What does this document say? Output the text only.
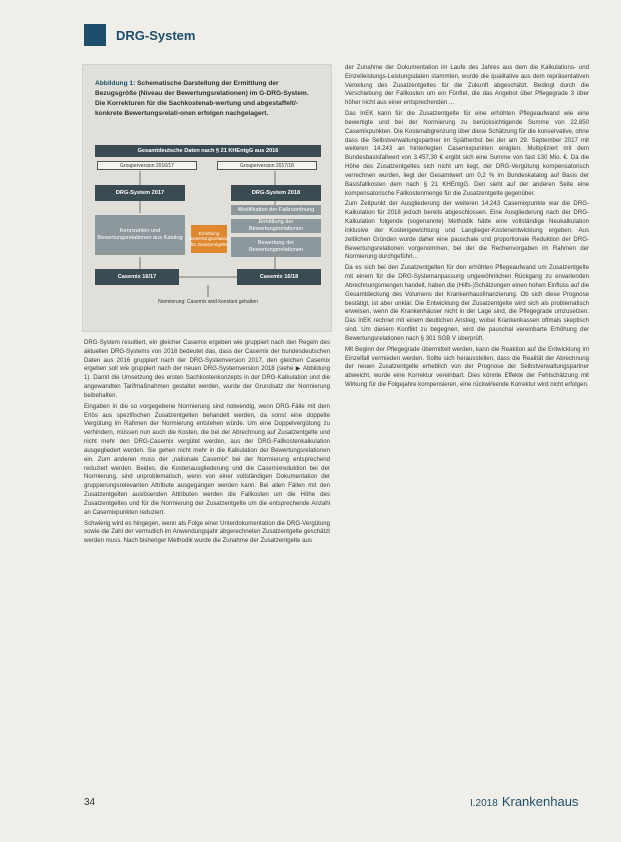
DRG-System
Abbildung 1: Schematische Darstellung der Ermittlung der Bezugsgröße (Niveau der Bewertungsrelationen) im G-DRG-System. Die Korrekturen für die Sachkostenab-wertung und abgestaffelt/-konkrete Bewertungsrelati-onen erfolgen nachgelagert.
Gesamtdeutsche Daten nach § 21 KHEntgG aus 2016
Grouperversion 2016/17	Grouperversion 2017/18
DRG-System 2017	DRG-System 2018
Modifikation der Fallzuordnung
Kennzahlen und Bewertungsrelationen aus Katalog
Ermittlung Bewertungsrelation für Zusatzentgelte
Ermittlung der Bewertungsrelationen
Bewertung der Bewertungsrelationen
Casemix 16/17	Casemix 16/18
Normierung: Casemix wird konstant gehalten

DRG-System resultiert, ein gleicher Casemix ergeben wie gruppiert nach den Regeln des aktuellen DRG-Systems von 2018 bedeutet das, dass der Casemix der bundesdeutschen Daten aus 2016 gruppiert nach der DRG-Systemversion 2017, den gleichen Casemix ergeben soll wie gruppiert nach der neuen DRG-Systemversion 2018 (siehe ▶ Abbildung 1). Damit die Umsetzung des ersten Sachkostenkonzepts in der DRG-Kalkulation und die angewandten Tarifmaßnahmen gestaltet werden, wurde der Grundsatz der Normierung beibehalten.

Eingaben in die so vorgegebene Normierung sind notwendig, wenn DRG-Fälle mit dem Erlös aus spezifischen Zusatzentgelten behandelt werden, da sonst eine doppelte Vergütung im Rahmen der Normierung entstehen würde. Um eine Doppelvergütung zu verhindern, müssen nun auch die Kosten, die bei der Abrechnung auf Zusatzentgelte und nicht mehr den DRG-Casemix vergütet werden, aus der DRG-Fallkostenkalkulation ausgegliedert werden. Sie gehen nicht mehr in die Kalkulation der Bewertungsrelationen ein. Zum anderen muss der „nationale Casemix“ bei der Normierung entsprechend reduziert werden. Beides, die Kostenausgliederung und die Casemixreduktion bei der Normierung, sind unproblematisch, wenn von einer vollständigen Dokumentation der gruppierungsrelevanten Attribute ausgegangen werden kann. Bei allen Fällen mit den Zusatzentgelten auslösenden Attributen werden die Fallkosten um die Höhe des Zusatzentgeltes und für die Normierung der Zusatzentgelte um die entsprechende Anzahl an Casemixpunkten reduziert.

Schwierig wird es hingegen, wenn als Folge einer Unterdokumentation die DRG-Vergütung sowie die Zahl der vermutlich im Anwendungsjahr abgerechneten Zusatzentgelte geschätzt werden muss. Nach bisheriger Methodik wurde die Zunahme der Zusatzentgelte aus

der Zunahme der Dokumentation im Laufe des Jahres aus dem die Kalkulations- und Einzelleistungs-Leistungsdaten stammten, wurde die qualitative aus dem repräsentativen Verteilung des Zusatzentgeltes für die Zukunft abgeschätzt. Bedingt durch die Verschiebung der Fallkosten um ein Fünftel, die das Angebot über Pflegegrade 3 über höher nicht aus einer entsprechenden ...

Das InEK kann für die Zusatzentgelte für eine erhöhten Pflegeaufwand wie eine bewertigte und bei der Normierung zu berücksichtigende Summe von 22.850 Casemixpunkten. Die Kostenabgrenzung über diese Schätzung für die konservative, ohne dass die Selbstverwaltungspartner im Spätherbst bei der am 29. September 2017 mit weiteren 14.243 an hinterlegten Casemixpunkten einigten. Multipliziert mit dem Bundesbasisfallwert von 3.457,30 € ergibt sich eine Summe von fast 130 Mio. €. Da die Höhe des Zusatzentgeltes sich nicht um liegt, der DRG-Vergütung kompensatorisch verrechnen wurden, liegt der Gesamtwert um 0,2 % im Bundeskatalog auf Basis der Basisfallkosten dem nach § 21 KHEntgG. Den sieht auf der anderen Seite eine kompensatorische Fallkostenmenge für die Zusatzentgelte gegenüber.

Zum Zeitpunkt der Ausgliederung der weiteren 14.243 Casemixpunkte war die DRG-Kalkulation für 2018 jedoch bereits abgeschlossen. Eine Ausgliederung nach der DRG-Kalkulation folgende (sogenannte) Methodik hätte eine vollständige Neukalkulation inklusive der Kostengewichtung und Langlieger-Kostenentwicklung ergeben. Aus zeitlichen Gründen wurde daher eine pauschale und proportionale Reduktion der DRG-Bewertungsrelationen vorgenommen, bei der die Rechenvorgaben im Rahmen der Normierung durchgeführt...

Da es sich bei den Zusatzentgelten für den erhöhten Pflegeaufwand um Zusatzentgelte mit einem für die DRG-Systemanpassung ungewöhnlichen Rückgang zu erwartenden Abrechnungsmengen handelt, haben die (Hilfs-)Schätzungen einen hohen Einfluss auf die Gesamtdeckung des Volumens der Krankenhausfinanzierung. Ob sich diese Prognose bestätigt, ist aber unklar. Die Entwicklung der Zusatzentgelte wird sich als problematisch erweisen, wenn die Krankenhäuser nicht in der Lage sind, die Pflegegrade umzusetzen. Das InEK rechnet mit einem deutlichen Anstieg, wobei Krankenkassen oftmals skeptisch sind. Um diesem Konflikt zu begegnen, wird die pauschal vereinbarte Erhöhung der Bewertungsrelationen nach § 301 SGB V überprüft.

Mit Beginn der Pflegegrade übermittelt werden, kann die Reaktion auf die Entwicklung im Einzelfall vermieden werden. Sollte sich herausstellen, dass die Realität der Abrechnung der neuen Zusatzentgelte erheblich von der Prognose der Selbstverwaltungspartner abweicht, wurde eine Korrektur vereinbart. Dies könnte Effekte der Fehlschätzung mit Wirkung für die Folgejahre kompensieren, eine rückwirkende Korrektur wird nicht erfolgen.

34	I.2018 Krankenhaus
